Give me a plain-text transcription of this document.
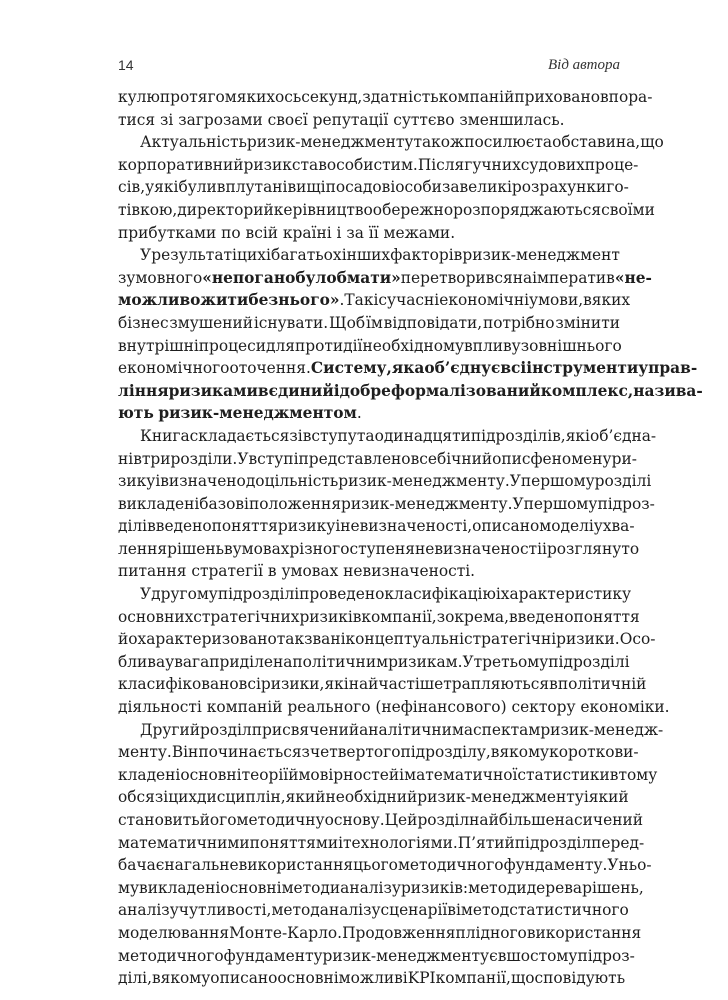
14	Від автора
кулю протягом якихось секунд, здатність компаній приховано впора-
тися зі загрозами своєї репутації суттєво зменшилась.
Актуальність ризик-менеджменту також посилює та обставина, що
корпоративний ризик став особистим. Після гучних судових проце-
сів, у які були вплутані вищі посадові особи за великі розрахунки го-
тівкою, директори й керівництво обережно розпоряджаються своїми
прибутками по всій країні і за її межами.
У результаті цих і багатьох інших факторів ризик-менеджмент
з умовного «непогано було б мати» перетворився на імператив «не-
можливо жити без нього». Такі сучасні економічні умови, в яких
бізнес змушений існувати. Щоб їм відповідати, потрібно змінити
внутрішні процеси для протидії необхідному впливу зовнішнього
економічного оточення. Систему, яка об’єднує всі інструменти управ-
ління ризиками в єдиний і добре формалізований комплекс, назива-
ють ризик-менеджментом.
Книга складається зі вступу та одинадцяти підрозділів, які об’єдна-
ні в три розділи. У вступі представлено всебічний опис феномену ри-
зику і визначено доцільність ризик-менеджменту. У першому розділі
викладені базові положення ризик-менеджменту. У першому підроз-
ділі введено поняття ризику і невизначеності, описано моделі ухва-
лення рішень в умовах різного ступеня невизначеності і розглянуто
питання стратегії в умовах невизначеності.
У другому підрозділі проведено класифікацію і характеристику
основних стратегічних ризиків компанії, зокрема, введено поняття
й охарактеризовано так звані концептуальні стратегічні ризики. Осо-
блива увага приділена політичним ризикам. У третьому підрозділі
класифіковано всі ризики, які найчастіше трапляються в політичній
діяльності компаній реального (нефінансового) сектору економіки.
Другий розділ присвячений аналітичним аспектам ризик-менедж-
менту. Він починається з четвертого підрозділу, в якому коротко ви-
кладені основні теорії ймовірностей і математичної статистики в тому
обсязі цих дисциплін, який необхідний ризик-менеджменту і який
становить його методичну основу. Цей розділ найбільше насичений
математичними поняттями і технологіями. П’ятий підрозділ перед-
бачає нагальне використання цього методичного фундаменту. У ньо-
му викладені основні методи аналізу ризиків: методи дерева рішень,
аналізу чутливості, метод аналізу сценаріїв і метод статистичного
моделювання Монте-Карло. Продовження плідного використання
методичного фундаменту ризик-менеджменту є в шостому підроз-
ділі, в якому описано основні можливі KPI компанії, що сповідують
